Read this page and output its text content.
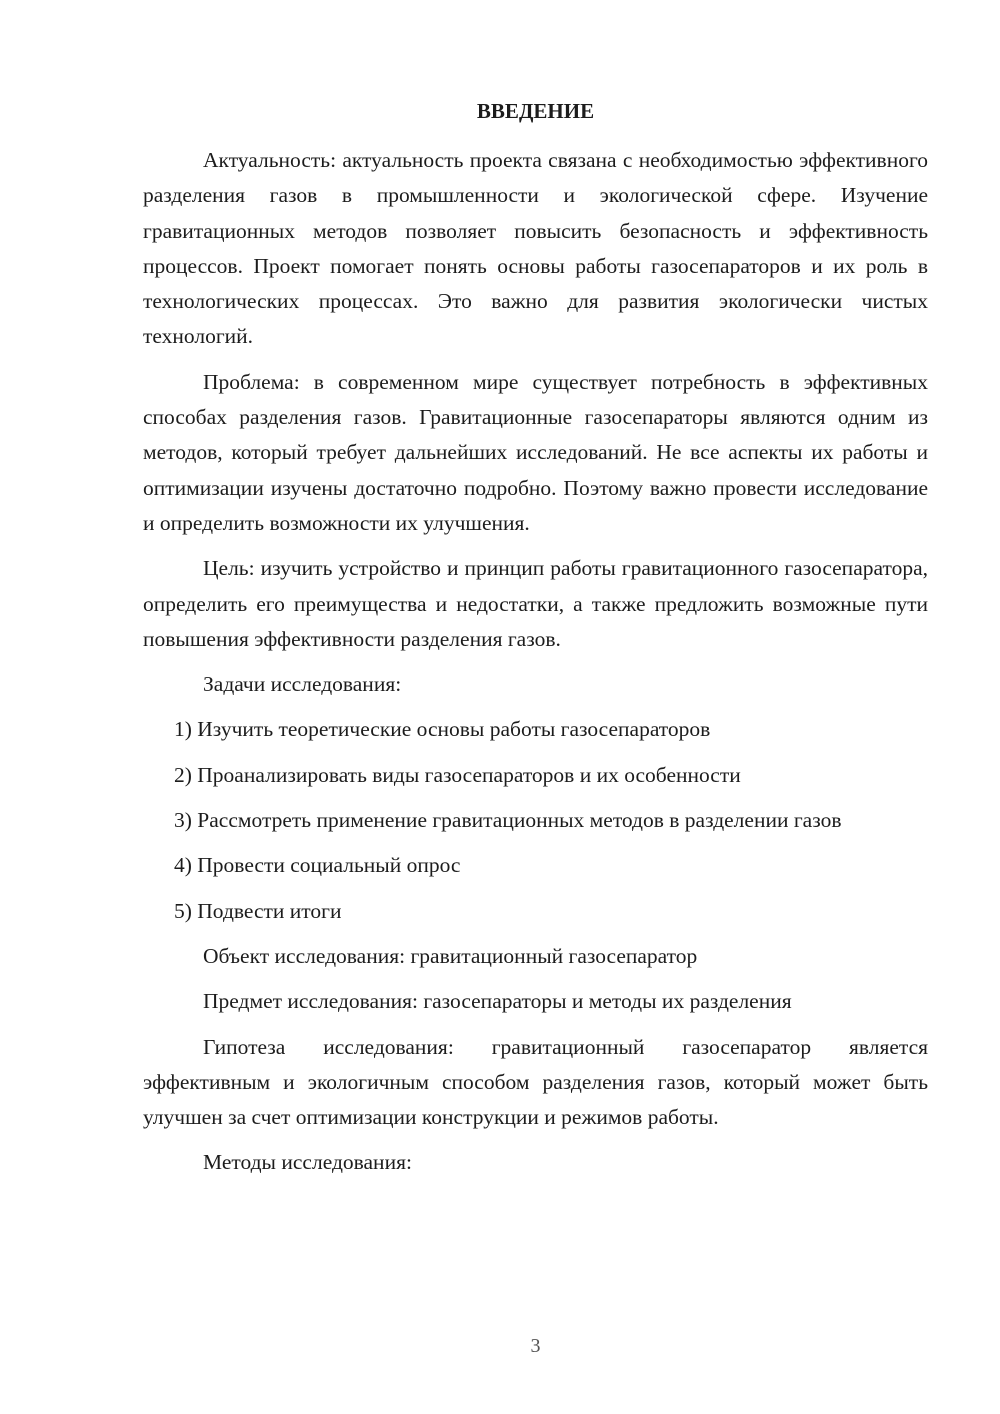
ВВЕДЕНИЕ

Актуальность: актуальность проекта связана с необходимостью эффективного разделения газов в промышленности и экологической сфере. Изучение гравитационных методов позволяет повысить безопасность и эффективность процессов. Проект помогает понять основы работы газосепараторов и их роль в технологических процессах. Это важно для развития экологически чистых технологий.

Проблема: в современном мире существует потребность в эффективных способах разделения газов. Гравитационные газосепараторы являются одним из методов, который требует дальнейших исследований. Не все аспекты их работы и оптимизации изучены достаточно подробно. Поэтому важно провести исследование и определить возможности их улучшения.

Цель: изучить устройство и принцип работы гравитационного газосепаратора, определить его преимущества и недостатки, а также предложить возможные пути повышения эффективности разделения газов.

Задачи исследования:

1) Изучить теоретические основы работы газосепараторов

2) Проанализировать виды газосепараторов и их особенности

3) Рассмотреть применение гравитационных методов в разделении газов

4) Провести социальный опрос

5) Подвести итоги

Объект исследования: гравитационный газосепаратор

Предмет исследования: газосепараторы и методы их разделения

Гипотеза исследования: гравитационный газосепаратор является эффективным и экологичным способом разделения газов, который может быть улучшен за счет оптимизации конструкции и режимов работы.

Методы исследования:

3
